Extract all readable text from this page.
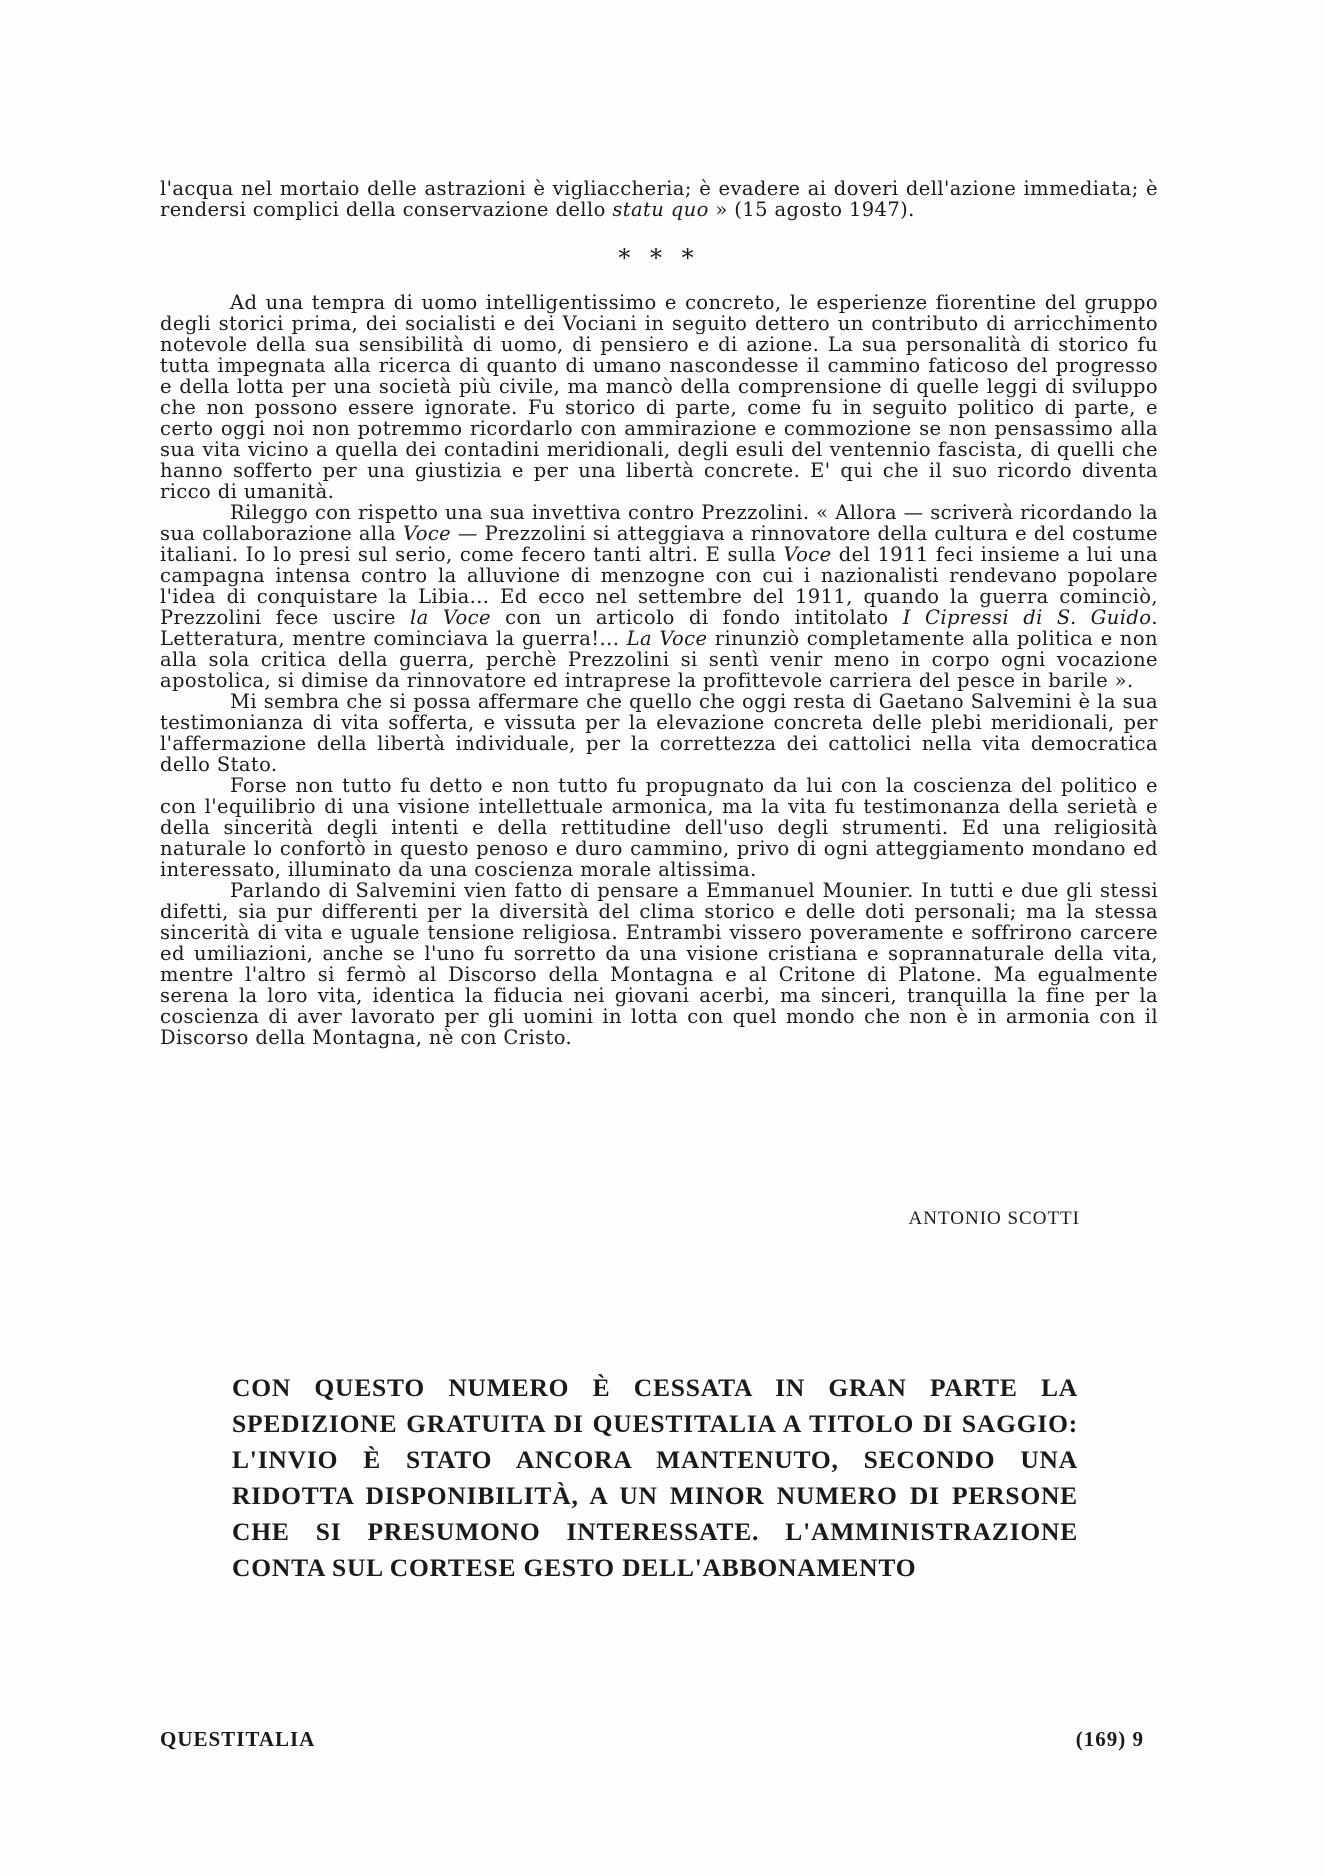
l'acqua nel mortaio delle astrazioni è vigliaccheria; è evadere ai doveri dell'azione immediata; è rendersi complici della conservazione dello statu quo » (15 agosto 1947).

* * *

Ad una tempra di uomo intelligentissimo e concreto, le esperienze fiorentine del gruppo degli storici prima, dei socialisti e dei Vociani in seguito dettero un contributo di arricchimento notevole della sua sensibilità di uomo, di pensiero e di azione. La sua personalità di storico fu tutta impegnata alla ricerca di quanto di umano nascondesse il cammino faticoso del progresso e della lotta per una società più civile, ma mancò della comprensione di quelle leggi di sviluppo che non possono essere ignorate. Fu storico di parte, come fu in seguito politico di parte, e certo oggi noi non potremmo ricordarlo con ammirazione e commozione se non pensassimo alla sua vita vicino a quella dei contadini meridionali, degli esuli del ventennio fascista, di quelli che hanno sofferto per una giustizia e per una libertà concrete. E' qui che il suo ricordo diventa ricco di umanità.

Rileggo con rispetto una sua invettiva contro Prezzolini. « Allora — scriverà ricordando la sua collaborazione alla Voce — Prezzolini si atteggiava a rinnovatore della cultura e del costume italiani. Io lo presi sul serio, come fecero tanti altri. E sulla Voce del 1911 feci insieme a lui una campagna intensa contro la alluvione di menzogne con cui i nazionalisti rendevano popolare l'idea di conquistare la Libia... Ed ecco nel settembre del 1911, quando la guerra cominciò, Prezzolini fece uscire la Voce con un articolo di fondo intitolato I Cipressi di S. Guido. Letteratura, mentre cominciava la guerra!... La Voce rinunziò completamente alla politica e non alla sola critica della guerra, perchè Prezzolini si sentì venir meno in corpo ogni vocazione apostolica, si dimise da rinnovatore ed intraprese la profittevole carriera del pesce in barile ».

Mi sembra che si possa affermare che quello che oggi resta di Gaetano Salvemini è la sua testimonianza di vita sofferta, e vissuta per la elevazione concreta delle plebi meridionali, per l'affermazione della libertà individuale, per la correttezza dei cattolici nella vita democratica dello Stato.

Forse non tutto fu detto e non tutto fu propugnato da lui con la coscienza del politico e con l'equilibrio di una visione intellettuale armonica, ma la vita fu testimonanza della serietà e della sincerità degli intenti e della rettitudine dell'uso degli strumenti. Ed una religiosità naturale lo confortò in questo penoso e duro cammino, privo di ogni atteggiamento mondano ed interessato, illuminato da una coscienza morale altissima.

Parlando di Salvemini vien fatto di pensare a Emmanuel Mounier. In tutti e due gli stessi difetti, sia pur differenti per la diversità del clima storico e delle doti personali; ma la stessa sincerità di vita e uguale tensione religiosa. Entrambi vissero poveramente e soffrirono carcere ed umiliazioni, anche se l'uno fu sorretto da una visione cristiana e soprannaturale della vita, mentre l'altro si fermò al Discorso della Montagna e al Critone di Platone. Ma egualmente serena la loro vita, identica la fiducia nei giovani acerbi, ma sinceri, tranquilla la fine per la coscienza di aver lavorato per gli uomini in lotta con quel mondo che non è in armonia con il Discorso della Montagna, nè con Cristo.

ANTONIO SCOTTI
CON QUESTO NUMERO È CESSATA IN GRAN PARTE LA SPEDIZIONE GRATUITA DI QUESTITALIA A TITOLO DI SAGGIO: L'INVIO È STATO ANCORA MANTENUTO, SECONDO UNA RIDOTTA DISPONIBILITÀ, A UN MINOR NUMERO DI PERSONE CHE SI PRESUMONO INTERESSATE. L'AMMINISTRAZIONE CONTA SUL CORTESE GESTO DELL'ABBONAMENTO
QUESTITALIA	(169) 9
